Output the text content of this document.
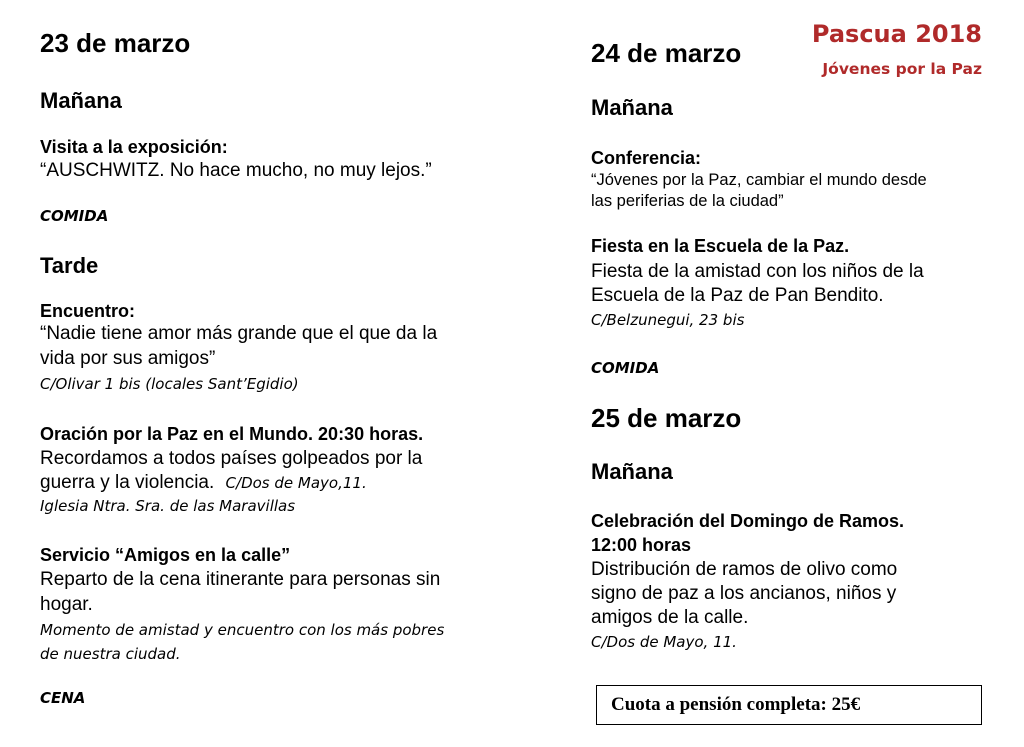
Pascua 2018
Jóvenes por la Paz

23 de marzo

Mañana

Visita a la exposición:

“AUSCHWITZ. No hace mucho, no muy lejos.”

COMIDA

Tarde

Encuentro:

“Nadie tiene amor más grande que el que da la

vida por sus amigos”

C/Olivar 1 bis (locales Sant’Egidio)

Oración por la Paz en el Mundo. 20:30 horas.

Recordamos a todos países golpeados por la

guerra y la violencia. C/Dos de Mayo,11.

Iglesia Ntra. Sra. de las Maravillas

Servicio “Amigos en la calle”

Reparto de la cena itinerante para personas sin

hogar.

Momento de amistad y encuentro con los más pobres

de nuestra ciudad.

CENA

24 de marzo

Mañana

Conferencia:

“Jóvenes por la Paz, cambiar el mundo desde

las periferias de la ciudad”

Fiesta en la Escuela de la Paz.

Fiesta de la amistad con los niños de la

Escuela de la Paz de Pan Bendito.

C/Belzunegui, 23 bis

COMIDA

25 de marzo

Mañana

Celebración del Domingo de Ramos.

12:00 horas

Distribución de ramos de olivo como

signo de paz a los ancianos, niños y

amigos de la calle.

C/Dos de Mayo, 11.

Cuota a pensión completa: 25€
